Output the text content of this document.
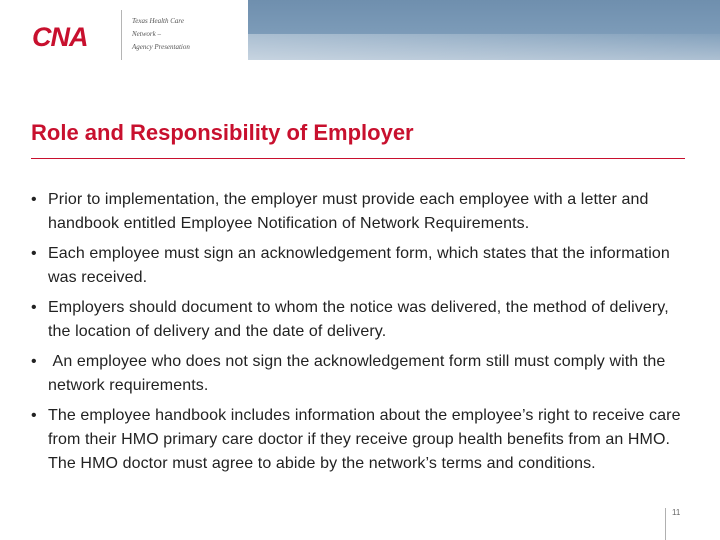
CNA
Texas Health Care
Network –
Agency Presentation
Role and Responsibility of Employer
• Prior to implementation, the employer must provide each employee with a letter and handbook entitled Employee Notification of Network Requirements.
• Each employee must sign an acknowledgement form, which states that the information was received.
• Employers should document to whom the notice was delivered, the method of delivery, the location of delivery and the date of delivery.
• An employee who does not sign the acknowledgement form still must comply with the network requirements.
• The employee handbook includes information about the employee’s right to receive care from their HMO primary care doctor if they receive group health benefits from an HMO. The HMO doctor must agree to abide by the network’s terms and conditions.
11
